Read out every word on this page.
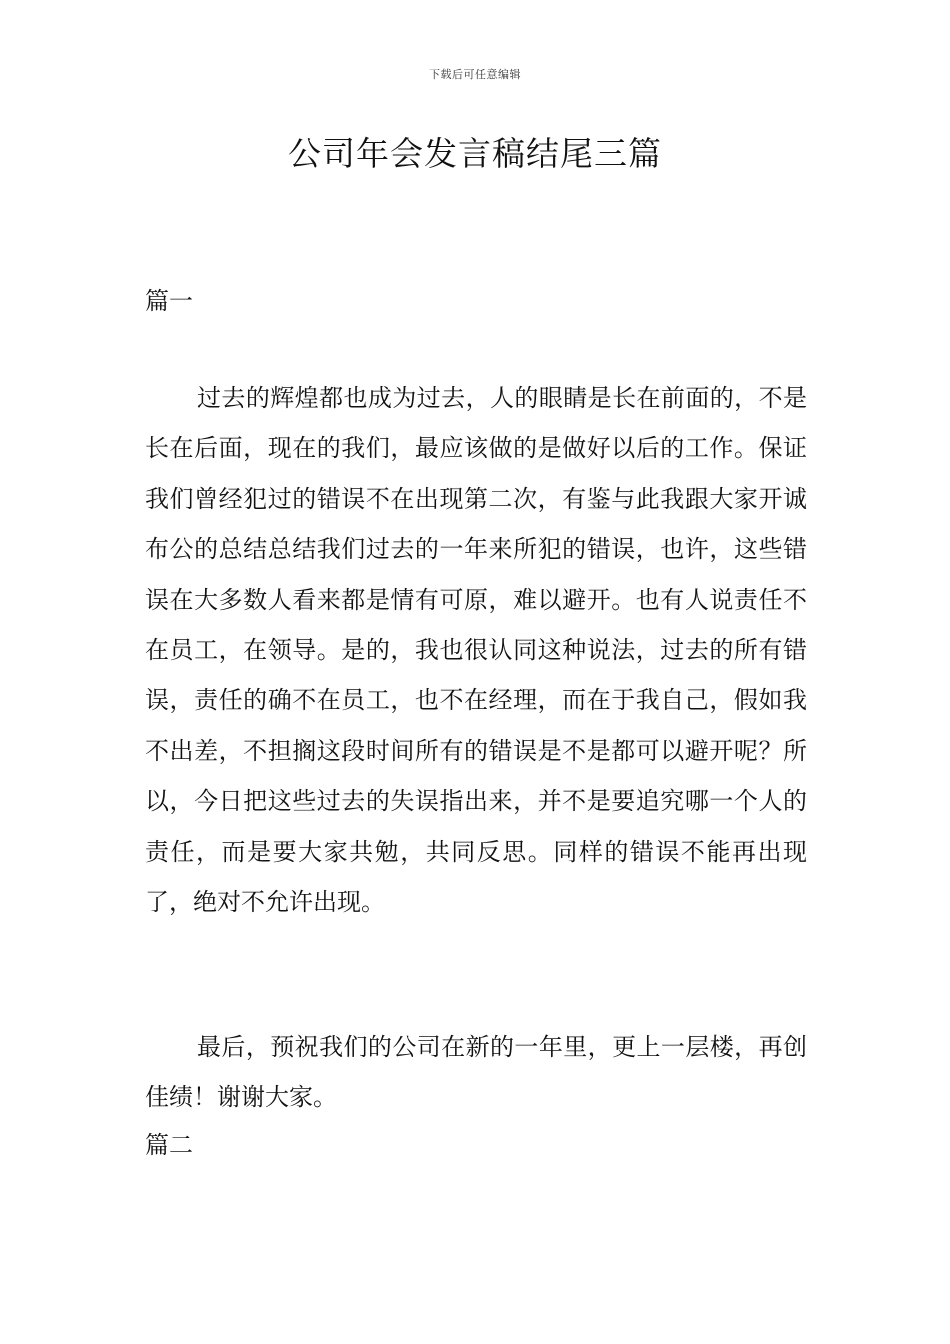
下载后可任意编辑
公司年会发言稿结尾三篇
篇一

过去的辉煌都也成为过去，人的眼睛是长在前面的，不是长在后面，现在的我们，最应该做的是做好以后的工作。保证我们曾经犯过的错误不在出现第二次，有鉴与此我跟大家开诚布公的总结总结我们过去的一年来所犯的错误，也许，这些错误在大多数人看来都是情有可原，难以避开。也有人说责任不在员工，在领导。是的，我也很认同这种说法，过去的所有错误，责任的确不在员工，也不在经理，而在于我自己，假如我不出差，不担搁这段时间所有的错误是不是都可以避开呢？所以，今日把这些过去的失误指出来，并不是要追究哪一个人的责任，而是要大家共勉，共同反思。同样的错误不能再出现了，绝对不允许出现。

最后，预祝我们的公司在新的一年里，更上一层楼，再创佳绩！谢谢大家。

篇二
